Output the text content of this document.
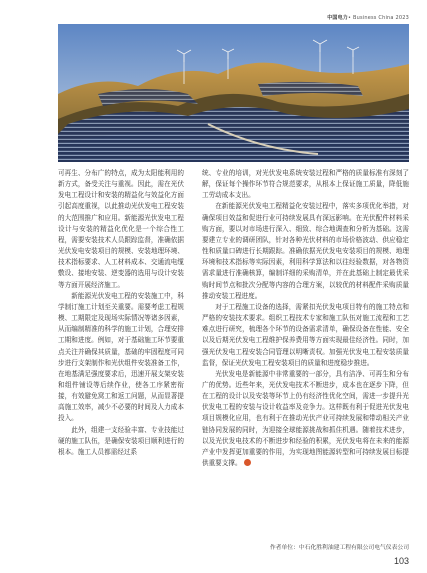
中国电力• Business China 2023

可再生、分布广的特点，成为太阳能利用的新方式，备受关注与重视。因此，需在光伏发电工程设计和安装的精益化与效益化方面引起高度重视，以此推动光伏发电工程安装的大范围推广和应用。新能源光伏发电工程设计与安装的精益化优化是一个综合性工程，需要安装技术人员跟踪监督，准确依据光伏发电安装项目的规模、安装地理环境、技术指标要求、人工材料成本、交通流电缆敷设、接地安装、逆变器的选用与设计安装等方面开展经济施工。

新能源光伏发电工程的安装施工中，科学制订施工计划至关重要。需要考虑工程规模、工期限定及现场实际情况等诸多因素，从而编制精准的科学的施工计划，合理安排工期和进度。例如，对于基础施工环节要重点关注并确保其质量，基础的牢固程度可同步进行支架制作和光伏组件安装准备工作，在地基满足强度要求后，迅速开展支架安装和组件铺设等后续作业，使各工序紧密衔接，有效避免窝工和返工问题，从而显著提高施工效率，减少不必要的时间及人力成本投入。

此外，组建一支经验丰富、专业技能过硬的施工队伍，是确保安装项目顺利进行的根本。施工人员都需经过系

统、专业的培训，对光伏发电系统安装过程和严格的质量标准有深刻了解，保证每个操作环节符合规范要求，从根本上保证施工质量，降低施工劳动成本支出。

在新能源光伏发电工程精益化安装过程中，落实多项优化举措，对确保项目效益和促进行业可持续发展具有深远影响。在光伏配件材料采购方面，要以对市场进行深入、细致、综合地调查和分析为基础。这需要建立专业的调研团队，针对各种光伏材料的市场价格波动、供应稳定性和质量口碑进行长期跟踪。准确依据光伏发电安装项目的规模、地理环境和技术指标等实际因素，利用科学算法和以往经验数据，对各物资需求量进行准确核算，编制详细的采购清单，并在此基础上制定最优采购时间节点和批次分配等内容的合理方案，以较优的材料配件采购质量推动安装工程进度。

对于工程施工设备的选择，需紧扣光伏发电项目特有的施工特点和严格的安装技术要求。组织工程技术专家和施工队伍对施工流程和工艺难点进行研究，梳理各个环节的设备需求清单，确保设备在性能、安全以及后期光伏发电工程维护保养费用等方面实现最佳经济性。同时，加强光伏发电工程安装合同管理以明晰责权。加强光伏发电工程安装质量监督，保证光伏发电工程安装项目的质量和进度稳步推进。

光伏发电是新能源中非常重要的一部分，具有洁净、可再生和分布广的优势。近些年来，光伏发电技术不断进步，成本也在逐步下降，但在工程的设计以及安装等环节上仍有经济性优化空间，需进一步提升光伏发电工程的安装与设计收益率及竞争力。这样既有利于促进光伏发电项目规模化应用，也有利于在推动光伏产业可持续发展和带动相关产业链协同发展的同时，为迎接全球能源挑战和抓住机遇。随着技术进步，以及光伏发电技术的不断进步和经验的积累，光伏发电将在未来的能源产业中发挥更加重要的作用，为实现地图能源转型和可持续发展目标提供重要支撑。

作者单位：中石化胜利油建工程有限公司电气仪表公司
103
